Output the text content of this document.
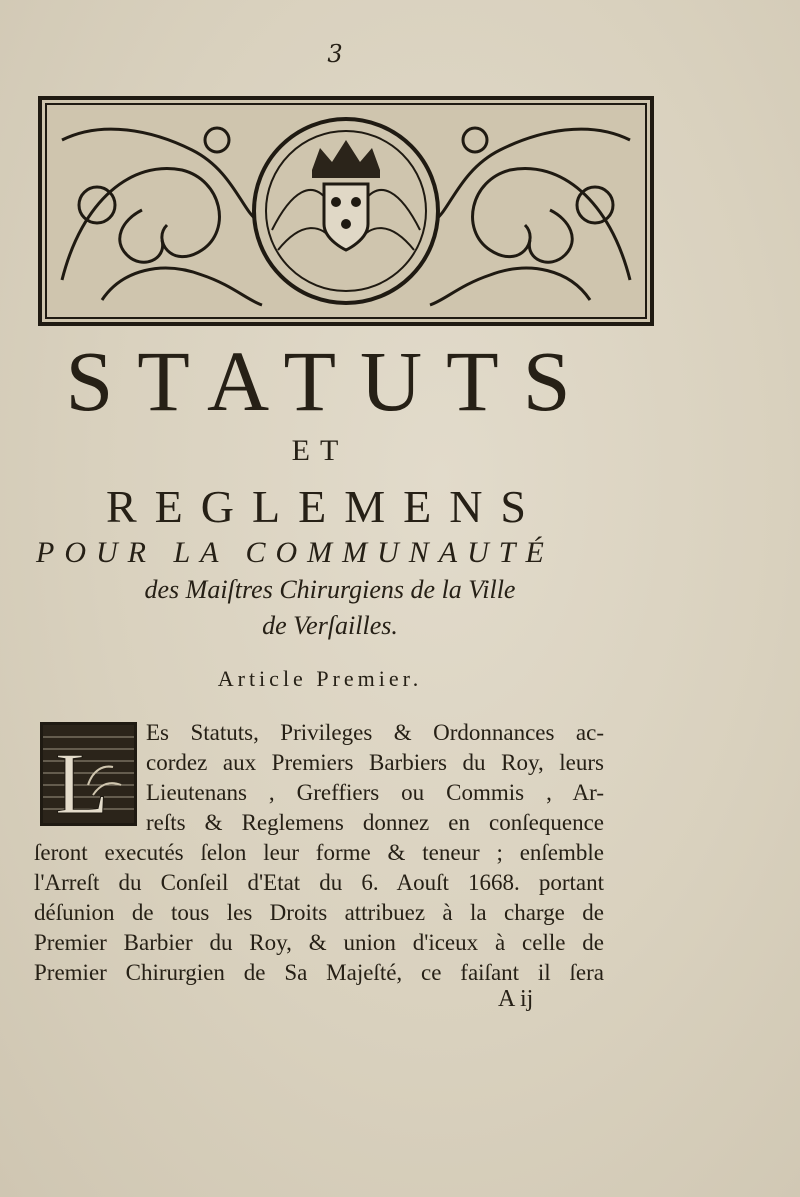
3
STATUTS
ET
REGLEMENS
POUR LA COMMUNAUTÉ
des Maiſtres Chirurgiens de la Ville
de Verſailles.
Article Premier.
L
Es Statuts, Privileges & Ordonnances ac-
cordez aux Premiers Barbiers du Roy, leurs
Lieutenans , Greffiers ou Commis , Ar-
reſts & Reglemens donnez en conſequence
ſeront executés ſelon leur forme & teneur ; enſemble
l'Arreſt du Conſeil d'Etat du 6. Aouſt 1668. portant
déſunion de tous les Droits attribuez à la charge de
Premier Barbier du Roy, & union d'iceux à celle de
Premier Chirurgien de Sa Majeſté, ce faiſant il ſera
A ij
